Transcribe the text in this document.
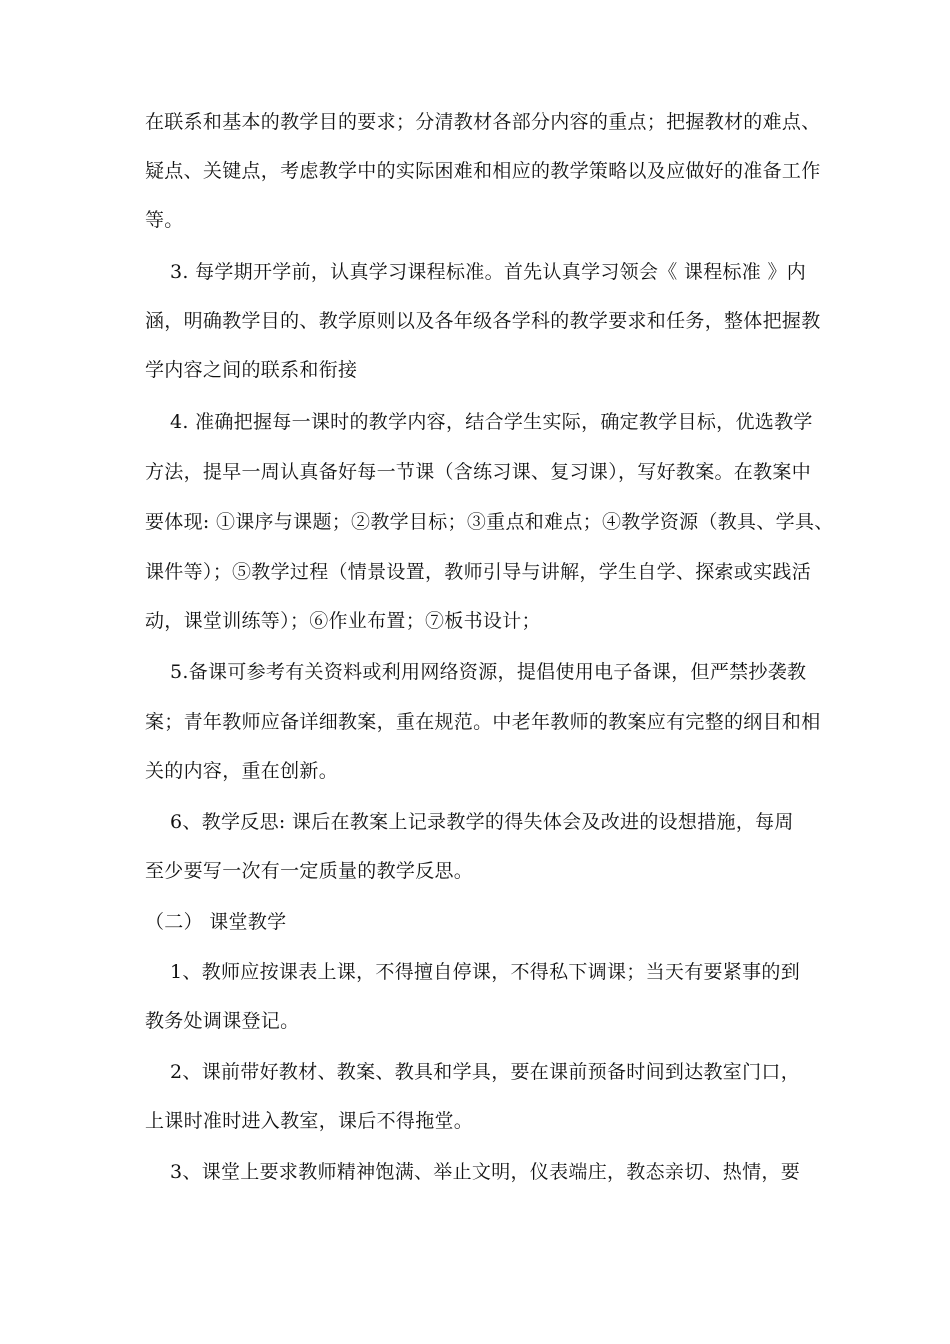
在联系和基本的教学目的要求；分清教材各部分内容的重点；把握教材的难点、
疑点、关键点，考虑教学中的实际困难和相应的教学策略以及应做好的准备工作
等。
3. 每学期开学前，认真学习课程标准。首先认真学习领会《 课程标准 》内
涵，明确教学目的、教学原则以及各年级各学科的教学要求和任务，整体把握教
学内容之间的联系和衔接
4. 准确把握每一课时的教学内容，结合学生实际，确定教学目标，优选教学
方法，提早一周认真备好每一节课（含练习课、复习课），写好教案。在教案中
要体现: ①课序与课题；②教学目标；③重点和难点；④教学资源（教具、学具、
课件等）；⑤教学过程（情景设置，教师引导与讲解，学生自学、探索或实践活
动，课堂训练等）；⑥作业布置；⑦板书设计；
5.备课可参考有关资料或利用网络资源，提倡使用电子备课，但严禁抄袭教
案；青年教师应备详细教案，重在规范。中老年教师的教案应有完整的纲目和相
关的内容，重在创新。
6、教学反思: 课后在教案上记录教学的得失体会及改进的设想措施，每周
至少要写一次有一定质量的教学反思。
（二） 课堂教学
1、教师应按课表上课，不得擅自停课，不得私下调课；当天有要紧事的到
教务处调课登记。
2、课前带好教材、教案、教具和学具，要在课前预备时间到达教室门口，
上课时准时进入教室，课后不得拖堂。
3、课堂上要求教师精神饱满、举止文明，仪表端庄，教态亲切、热情，要
